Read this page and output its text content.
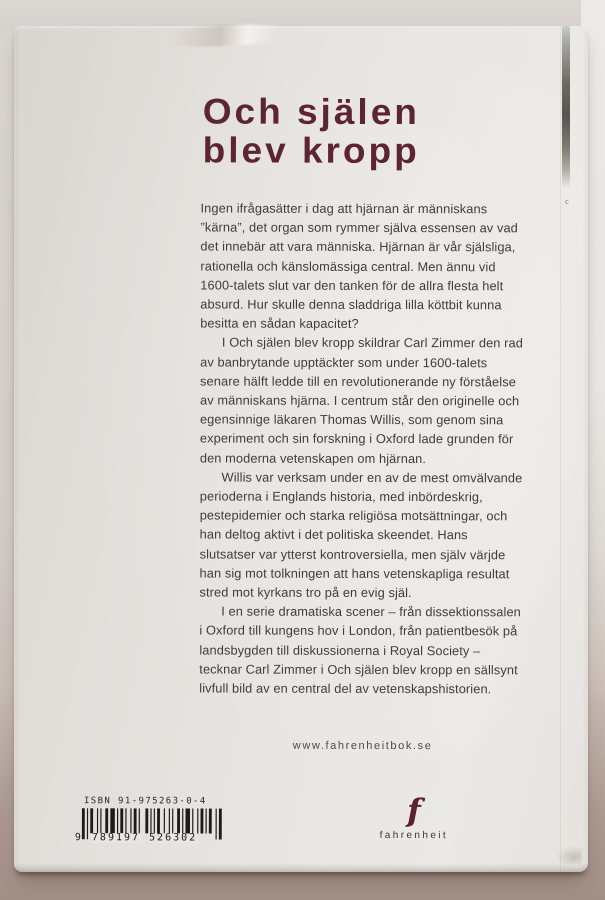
c
Och själen
blev kropp

Ingen ifrågasätter i dag att hjärnan är människans ”kärna”, det organ som rymmer själva essensen av vad det innebär att vara människa. Hjärnan är vår själsliga, rationella och känslomässiga central. Men ännu vid 1600-talets slut var den tanken för de allra flesta helt absurd. Hur skulle denna sladdriga lilla köttbit kunna besitta en sådan kapacitet?

I Och själen blev kropp skildrar Carl Zimmer den rad av banbrytande upptäckter som under 1600-talets senare hälft ledde till en revolutionerande ny förståelse av människans hjärna. I centrum står den originelle och egensinnige läkaren Thomas Willis, som genom sina experiment och sin forskning i Oxford lade grunden för den moderna vetenskapen om hjärnan.

Willis var verksam under en av de mest omvälvande perioderna i Englands historia, med inbördeskrig, pestepidemier och starka religiösa motsättningar, och han deltog aktivt i det politiska skeendet. Hans slutsatser var ytterst kontroversiella, men själv värjde han sig mot tolkningen att hans vetenskapliga resultat stred mot kyrkans tro på en evig själ.

I en serie dramatiska scener – från dissektionssalen i Oxford till kungens hov i London, från patientbesök på landsbygden till diskussionerna i Royal Society – tecknar Carl Zimmer i Och själen blev kropp en sällsynt livfull bild av en central del av vetenskapshistorien.

www.fahrenheitbok.se

ISBN 91-975263-0-4

9 789197 526302
f
fahrenheit
